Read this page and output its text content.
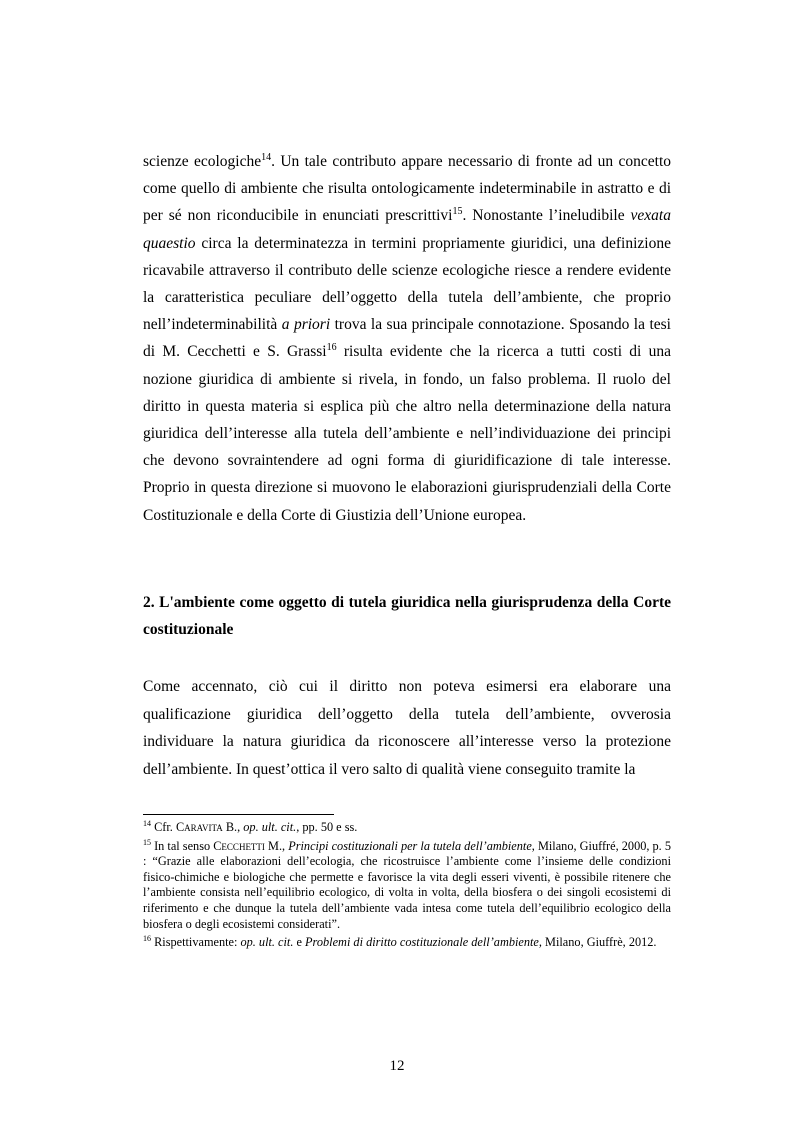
scienze ecologiche$^{14}$. Un tale contributo appare necessario di fronte ad un concetto come quello di ambiente che risulta ontologicamente indeterminabile in astratto e di per sé non riconducibile in enunciati prescrittivi$^{15}$. Nonostante l’ineludibile vexata quaestio circa la determinatezza in termini propriamente giuridici, una definizione ricavabile attraverso il contributo delle scienze ecologiche riesce a rendere evidente la caratteristica peculiare dell’oggetto della tutela dell’ambiente, che proprio nell’indeterminabilità a priori trova la sua principale connotazione. Sposando la tesi di M. Cecchetti e S. Grassi$^{16}$ risulta evidente che la ricerca a tutti costi di una nozione giuridica di ambiente si rivela, in fondo, un falso problema. Il ruolo del diritto in questa materia si esplica più che altro nella determinazione della natura giuridica dell’interesse alla tutela dell’ambiente e nell’individuazione dei principi che devono sovraintendere ad ogni forma di giuridificazione di tale interesse. Proprio in questa direzione si muovono le elaborazioni giurisprudenziali della Corte Costituzionale e della Corte di Giustizia dell’Unione europea.

2. L'ambiente come oggetto di tutela giuridica nella giurisprudenza della Corte costituzionale

Come accennato, ciò cui il diritto non poteva esimersi era elaborare una qualificazione giuridica dell’oggetto della tutela dell’ambiente, ovverosia individuare la natura giuridica da riconoscere all’interesse verso la protezione dell’ambiente. In quest’ottica il vero salto di qualità viene conseguito tramite la

$^{14}$ Cfr. Caravita B., op. ult. cit., pp. 50 e ss.

$^{15}$ In tal senso Cecchetti M., Principi costituzionali per la tutela dell’ambiente, Milano, Giuffré, 2000, p. 5 : “Grazie alle elaborazioni dell’ecologia, che ricostruisce l’ambiente come l’insieme delle condizioni fisico-chimiche e biologiche che permette e favorisce la vita degli esseri viventi, è possibile ritenere che l’ambiente consista nell’equilibrio ecologico, di volta in volta, della biosfera o dei singoli ecosistemi di riferimento e che dunque la tutela dell’ambiente vada intesa come tutela dell’equilibrio ecologico della biosfera o degli ecosistemi considerati”.

$^{16}$ Rispettivamente: op. ult. cit. e Problemi di diritto costituzionale dell’ambiente, Milano, Giuffrè, 2012.

12
